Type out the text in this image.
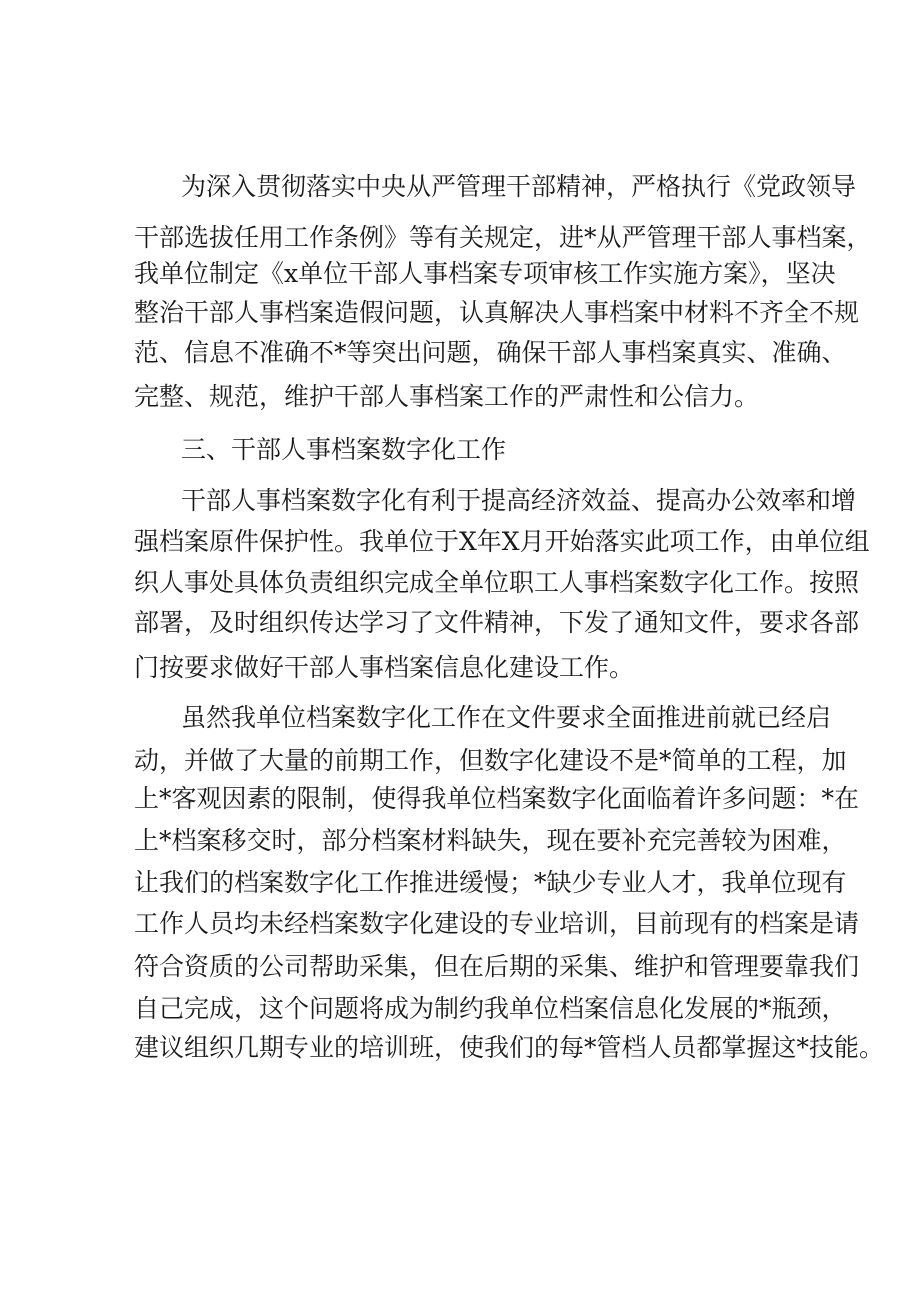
为深入贯彻落实中央从严管理干部精神，严格执行《党政领导

干部选拔任用工作条例》等有关规定，进*从严管理干部人事档案，

我单位制定《x单位干部人事档案专项审核工作实施方案》，坚决

整治干部人事档案造假问题，认真解决人事档案中材料不齐全不规

范、信息不准确不*等突出问题，确保干部人事档案真实、准确、

完整、规范，维护干部人事档案工作的严肃性和公信力。

三、干部人事档案数字化工作

干部人事档案数字化有利于提高经济效益、提高办公效率和增

强档案原件保护性。我单位于X年X月开始落实此项工作，由单位组

织人事处具体负责组织完成全单位职工人事档案数字化工作。按照

部署，及时组织传达学习了文件精神，下发了通知文件，要求各部

门按要求做好干部人事档案信息化建设工作。

虽然我单位档案数字化工作在文件要求全面推进前就已经启

动，并做了大量的前期工作，但数字化建设不是*简单的工程，加

上*客观因素的限制，使得我单位档案数字化面临着许多问题：*在

上*档案移交时，部分档案材料缺失，现在要补充完善较为困难，

让我们的档案数字化工作推进缓慢；*缺少专业人才，我单位现有

工作人员均未经档案数字化建设的专业培训，目前现有的档案是请

符合资质的公司帮助采集，但在后期的采集、维护和管理要靠我们

自己完成，这个问题将成为制约我单位档案信息化发展的*瓶颈，

建议组织几期专业的培训班，使我们的每*管档人员都掌握这*技能。
